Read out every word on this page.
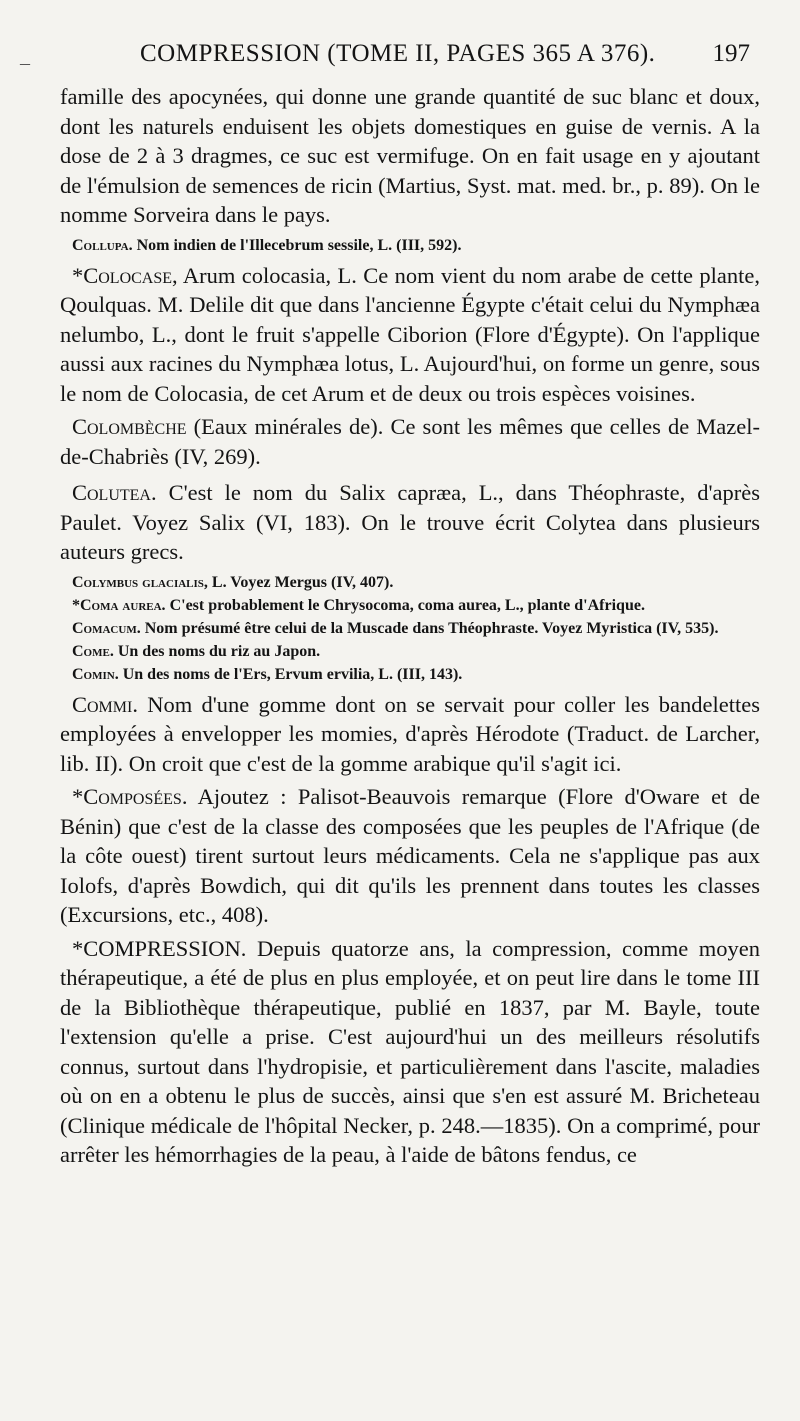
–	COMPRESSION (TOME II, PAGES 365 A 376). 197

famille des apocynées, qui donne une grande quantité de suc blanc et doux, dont les naturels enduisent les objets domestiques en guise de vernis. A la dose de 2 à 3 dragmes, ce suc est vermifuge. On en fait usage en y ajoutant de l'émulsion de semences de ricin (Martius, Syst. mat. med. br., p. 89). On le nomme Sorveira dans le pays.

Collupa. Nom indien de l'Illecebrum sessile, L. (III, 592).

*Colocase, Arum colocasia, L. Ce nom vient du nom arabe de cette plante, Qoulquas. M. Delile dit que dans l'ancienne Égypte c'était celui du Nymphæa nelumbo, L., dont le fruit s'appelle Ciborion (Flore d'Égypte). On l'applique aussi aux racines du Nymphæa lotus, L. Aujourd'hui, on forme un genre, sous le nom de Colocasia, de cet Arum et de deux ou trois espèces voisines.

Colombèche (Eaux minérales de). Ce sont les mêmes que celles de Mazel-de-Chabriès (IV, 269).

Colutea. C'est le nom du Salix capræa, L., dans Théophraste, d'après Paulet. Voyez Salix (VI, 183). On le trouve écrit Colytea dans plusieurs auteurs grecs.

Colymbus glacialis, L. Voyez Mergus (IV, 407).

*Coma aurea. C'est probablement le Chrysocoma, coma aurea, L., plante d'Afrique.

Comacum. Nom présumé être celui de la Muscade dans Théophraste. Voyez Myristica (IV, 535).

Come. Un des noms du riz au Japon.

Comin. Un des noms de l'Ers, Ervum ervilia, L. (III, 143).

Commi. Nom d'une gomme dont on se servait pour coller les bandelettes employées à envelopper les momies, d'après Hérodote (Traduct. de Larcher, lib. II). On croit que c'est de la gomme arabique qu'il s'agit ici.

*Composées. Ajoutez : Palisot-Beauvois remarque (Flore d'Oware et de Bénin) que c'est de la classe des composées que les peuples de l'Afrique (de la côte ouest) tirent surtout leurs médicaments. Cela ne s'applique pas aux Iolofs, d'après Bowdich, qui dit qu'ils les prennent dans toutes les classes (Excursions, etc., 408).

*COMPRESSION. Depuis quatorze ans, la compression, comme moyen thérapeutique, a été de plus en plus employée, et on peut lire dans le tome III de la Bibliothèque thérapeutique, publié en 1837, par M. Bayle, toute l'extension qu'elle a prise. C'est aujourd'hui un des meilleurs résolutifs connus, surtout dans l'hydropisie, et particulièrement dans l'ascite, maladies où on en a obtenu le plus de succès, ainsi que s'en est assuré M. Bricheteau (Clinique médicale de l'hôpital Necker, p. 248.—1835). On a comprimé, pour arrêter les hémorrhagies de la peau, à l'aide de bâtons fendus, ce
